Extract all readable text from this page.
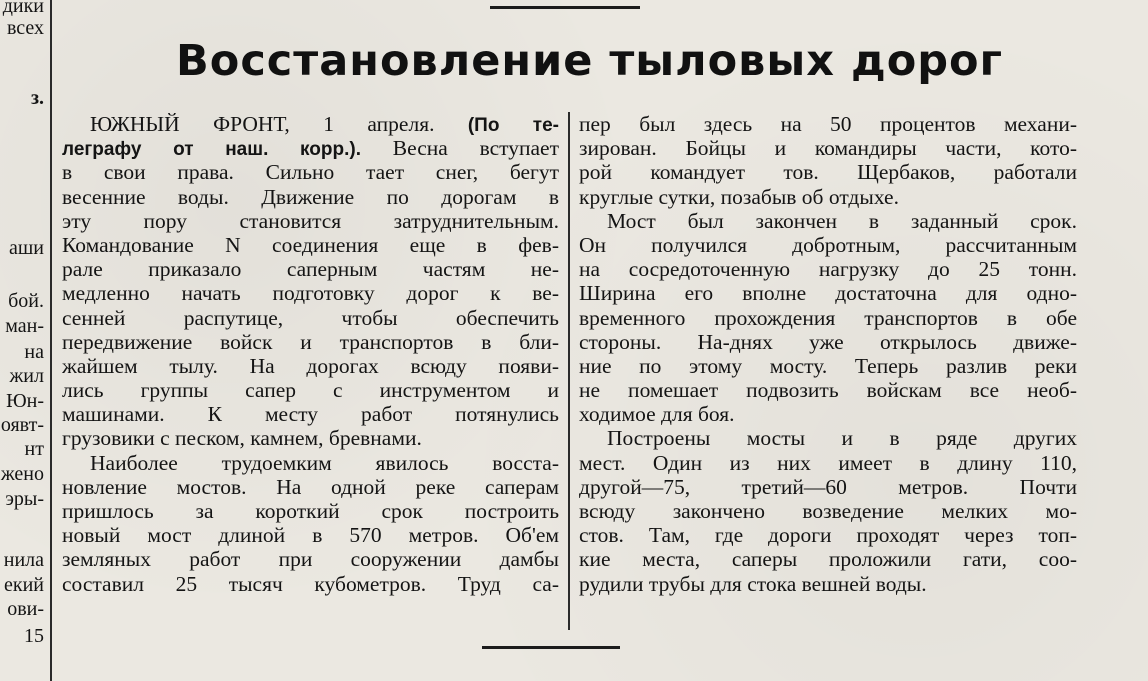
дики
всех
з.
аши
бой.
ман-
на
жил
Юн-
оявт-
нт
жено
эры-
нила
екий
ови-
15
Восстановление тыловых дорог
ЮЖНЫЙ ФРОНТ, 1 апреля. (По те-
леграфу от наш. корр.). Весна вступает
в свои права. Сильно тает снег, бегут
весенние воды. Движение по дорогам в
эту пору становится затруднительным.
Командование N соединения еще в фев-
рале приказало саперным частям не-
медленно начать подготовку дорог к ве-
сенней распутице, чтобы обеспечить
передвижение войск и транспортов в бли-
жайшем тылу. На дорогах всюду появи-
лись группы сапер с инструментом и
машинами. К месту работ потянулись
грузовики с песком, камнем, бревнами.
Наиболее трудоемким явилось восста-
новление мостов. На одной реке саперам
пришлось за короткий срок построить
новый мост длиной в 570 метров. Об'ем
земляных работ при сооружении дамбы
составил 25 тысяч кубометров. Труд са-
пер был здесь на 50 процентов механи-
зирован. Бойцы и командиры части, кото-
рой командует тов. Щербаков, работали
круглые сутки, позабыв об отдыхе.
Мост был закончен в заданный срок.
Он получился добротным, рассчитанным
на сосредоточенную нагрузку до 25 тонн.
Ширина его вполне достаточна для одно-
временного прохождения транспортов в обе
стороны. На-днях уже открылось движе-
ние по этому мосту. Теперь разлив реки
не помешает подвозить войскам все необ-
ходимое для боя.
Построены мосты и в ряде других
мест. Один из них имеет в длину 110,
другой—75, третий—60 метров. Почти
всюду закончено возведение мелких мо-
стов. Там, где дороги проходят через топ-
кие места, саперы проложили гати, соо-
рудили трубы для стока вешней воды.
